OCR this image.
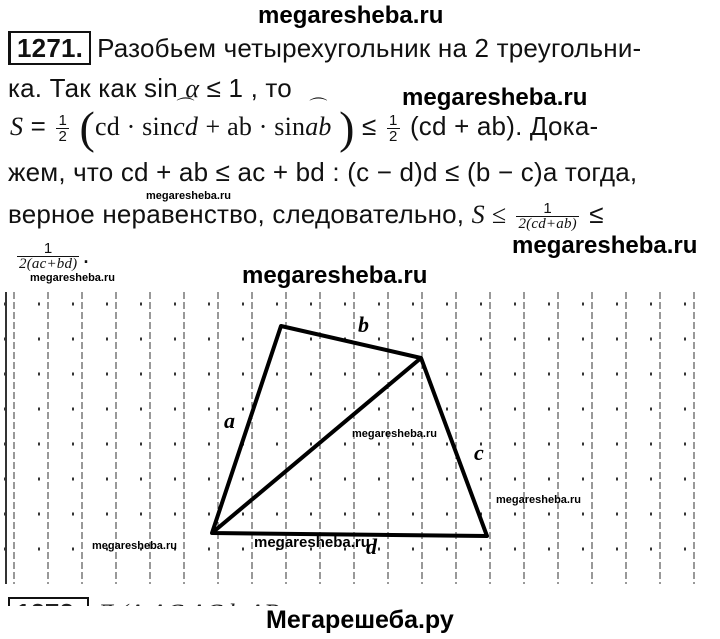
megaresheba.ru
1271. Разобьем четырехугольник на 2 треугольни-
ка. Так как sin α ≤ 1 , то	megaresheba.ru
$S = \frac{1}{2} (cd$ · sin⌒ cd + ab · sin⌒ ab ) ≤ $\frac{1}{2} (cd + ab)$. Дока-
жем, что cd + ab ≤ ac + bd : (c − d)d ≤ (b − c)a тогда,
megaresheba.ru
верное неравенство, следовательно, $S \le \frac{1}{2(cd+ab)}$ ≤
$\frac{1}{2(ac+bd)}$ .	megaresheba.ru
megaresheba.ru	megaresheba.ru
a
b
c
d
megaresheba.ru
megaresheba.ru
megaresheba.ru	megaresheba.ru
Мегарешеба.ру
